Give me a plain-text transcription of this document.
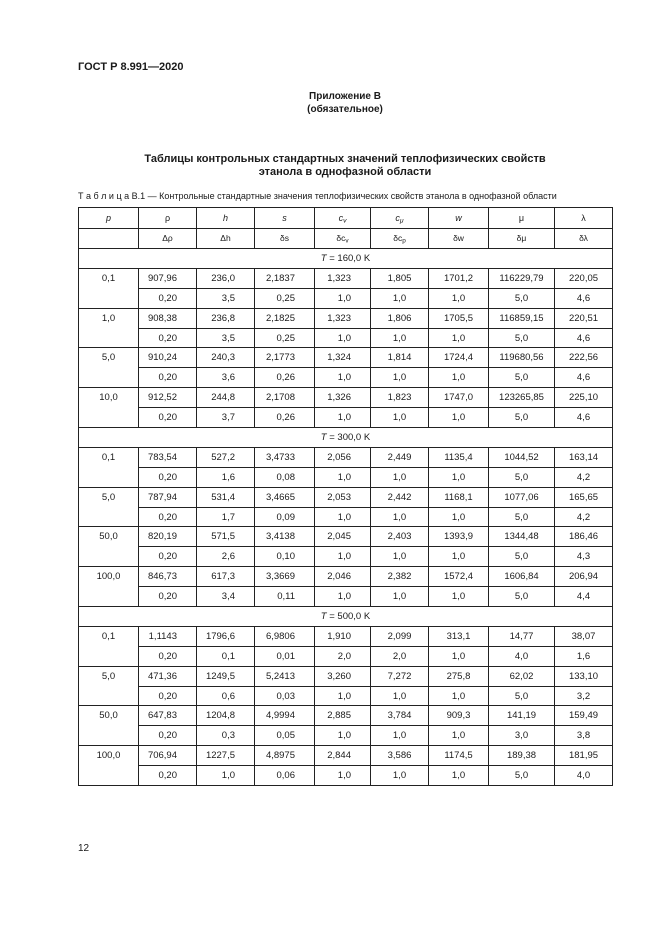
ГОСТ Р 8.991—2020
Приложение В
(обязательное)
Таблицы контрольных стандартных значений теплофизических свойств
этанола в однофазной области
Т а б л и ц а В.1 — Контрольные стандартные значения теплофизических свойств этанола в однофазной области
p	ρ	h	s	$c_v$	$c_\mu$	w	μ	λ
	Δρ	Δh	δs	$\delta c_v$	$\delta c_p$	δw	δμ	δλ
T = 160,0 K								
0,1	907,96	236,0	2,1837	1,323	1,805	1701,2	116229,79	220,05
	0,20	3,5	0,25	1,0	1,0	1,0	5,0	4,6
1,0	908,38	236,8	2,1825	1,323	1,806	1705,5	116859,15	220,51
	0,20	3,5	0,25	1,0	1,0	1,0	5,0	4,6
5,0	910,24	240,3	2,1773	1,324	1,814	1724,4	119680,56	222,56
	0,20	3,6	0,26	1,0	1,0	1,0	5,0	4,6
10,0	912,52	244,8	2,1708	1,326	1,823	1747,0	123265,85	225,10
	0,20	3,7	0,26	1,0	1,0	1,0	5,0	4,6
T = 300,0 K								
0,1	783,54	527,2	3,4733	2,056	2,449	1135,4	1044,52	163,14
	0,20	1,6	0,08	1,0	1,0	1,0	5,0	4,2
5,0	787,94	531,4	3,4665	2,053	2,442	1168,1	1077,06	165,65
	0,20	1,7	0,09	1,0	1,0	1,0	5,0	4,2
50,0	820,19	571,5	3,4138	2,045	2,403	1393,9	1344,48	186,46
	0,20	2,6	0,10	1,0	1,0	1,0	5,0	4,3
100,0	846,73	617,3	3,3669	2,046	2,382	1572,4	1606,84	206,94
	0,20	3,4	0,11	1,0	1,0	1,0	5,0	4,4
T = 500,0 K								
0,1	1,1143	1796,6	6,9806	1,910	2,099	313,1	14,77	38,07
	0,20	0,1	0,01	2,0	2,0	1,0	4,0	1,6
5,0	471,36	1249,5	5,2413	3,260	7,272	275,8	62,02	133,10
	0,20	0,6	0,03	1,0	1,0	1,0	5,0	3,2
50,0	647,83	1204,8	4,9994	2,885	3,784	909,3	141,19	159,49
	0,20	0,3	0,05	1,0	1,0	1,0	3,0	3,8
100,0	706,94	1227,5	4,8975	2,844	3,586	1174,5	189,38	181,95
	0,20	1,0	0,06	1,0	1,0	1,0	5,0	4,0
12
